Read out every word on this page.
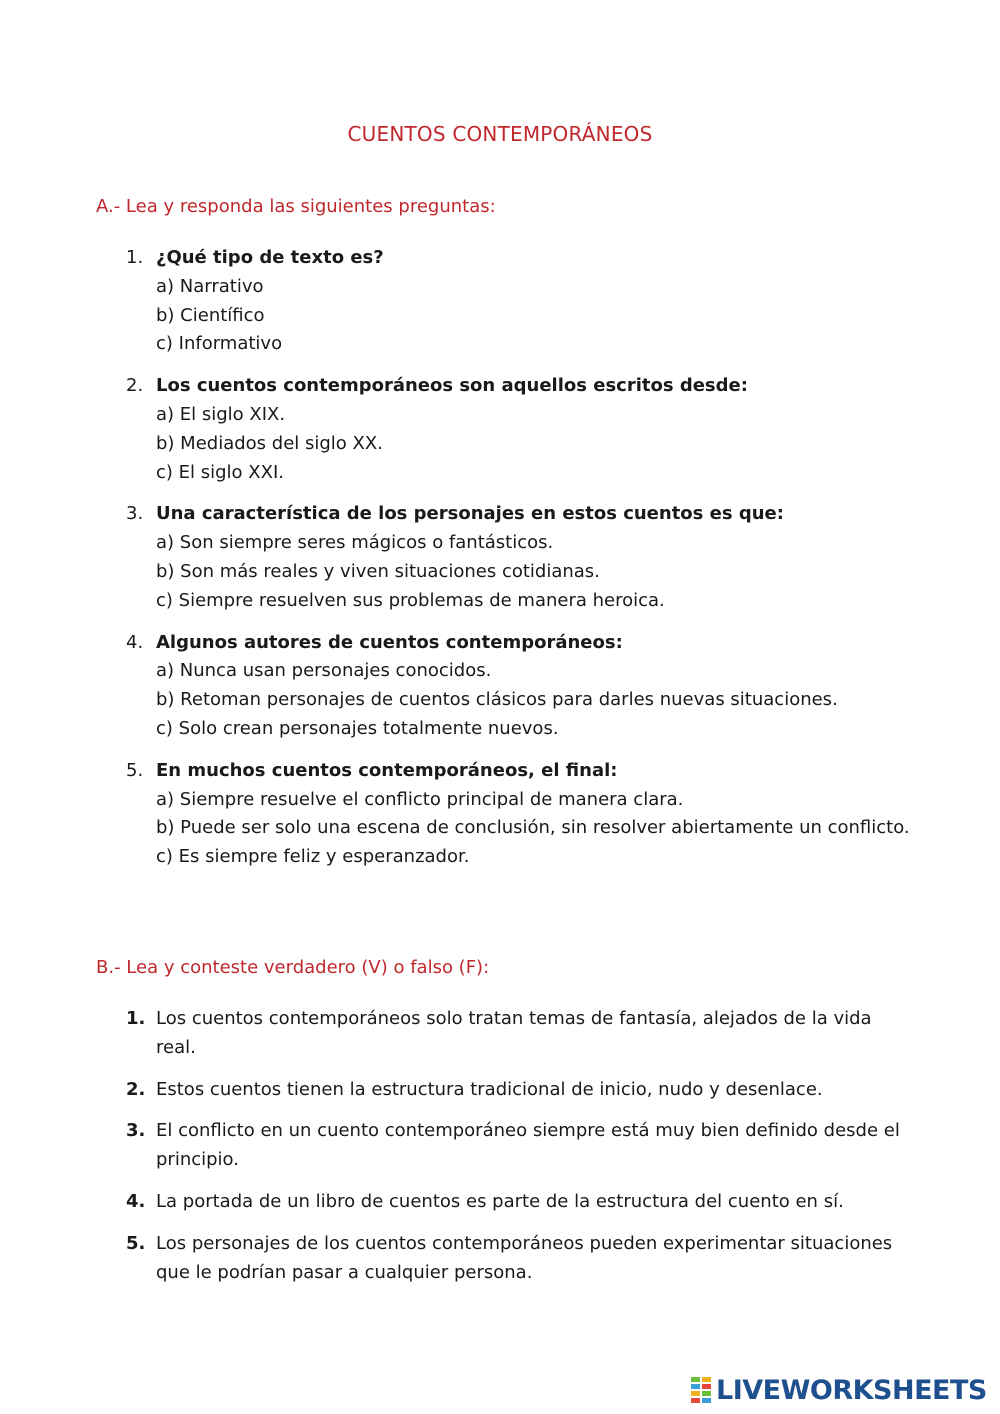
CUENTOS CONTEMPORÁNEOS
A.- Lea y responda las siguientes preguntas:
1. ¿Qué tipo de texto es?
a) Narrativo
b) Científico
c) Informativo
2. Los cuentos contemporáneos son aquellos escritos desde:
a) El siglo XIX.
b) Mediados del siglo XX.
c) El siglo XXI.
3. Una característica de los personajes en estos cuentos es que:
a) Son siempre seres mágicos o fantásticos.
b) Son más reales y viven situaciones cotidianas.
c) Siempre resuelven sus problemas de manera heroica.
4. Algunos autores de cuentos contemporáneos:
a) Nunca usan personajes conocidos.
b) Retoman personajes de cuentos clásicos para darles nuevas situaciones.
c) Solo crean personajes totalmente nuevos.
5. En muchos cuentos contemporáneos, el final:
a) Siempre resuelve el conflicto principal de manera clara.
b) Puede ser solo una escena de conclusión, sin resolver abiertamente un conflicto.
c) Es siempre feliz y esperanzador.
B.- Lea y conteste verdadero (V) o falso (F):
1. Los cuentos contemporáneos solo tratan temas de fantasía, alejados de la vida real.
2. Estos cuentos tienen la estructura tradicional de inicio, nudo y desenlace.
3. El conflicto en un cuento contemporáneo siempre está muy bien definido desde el principio.
4. La portada de un libro de cuentos es parte de la estructura del cuento en sí.
5. Los personajes de los cuentos contemporáneos pueden experimentar situaciones que le podrían pasar a cualquier persona.
LIVEWORKSHEETS
